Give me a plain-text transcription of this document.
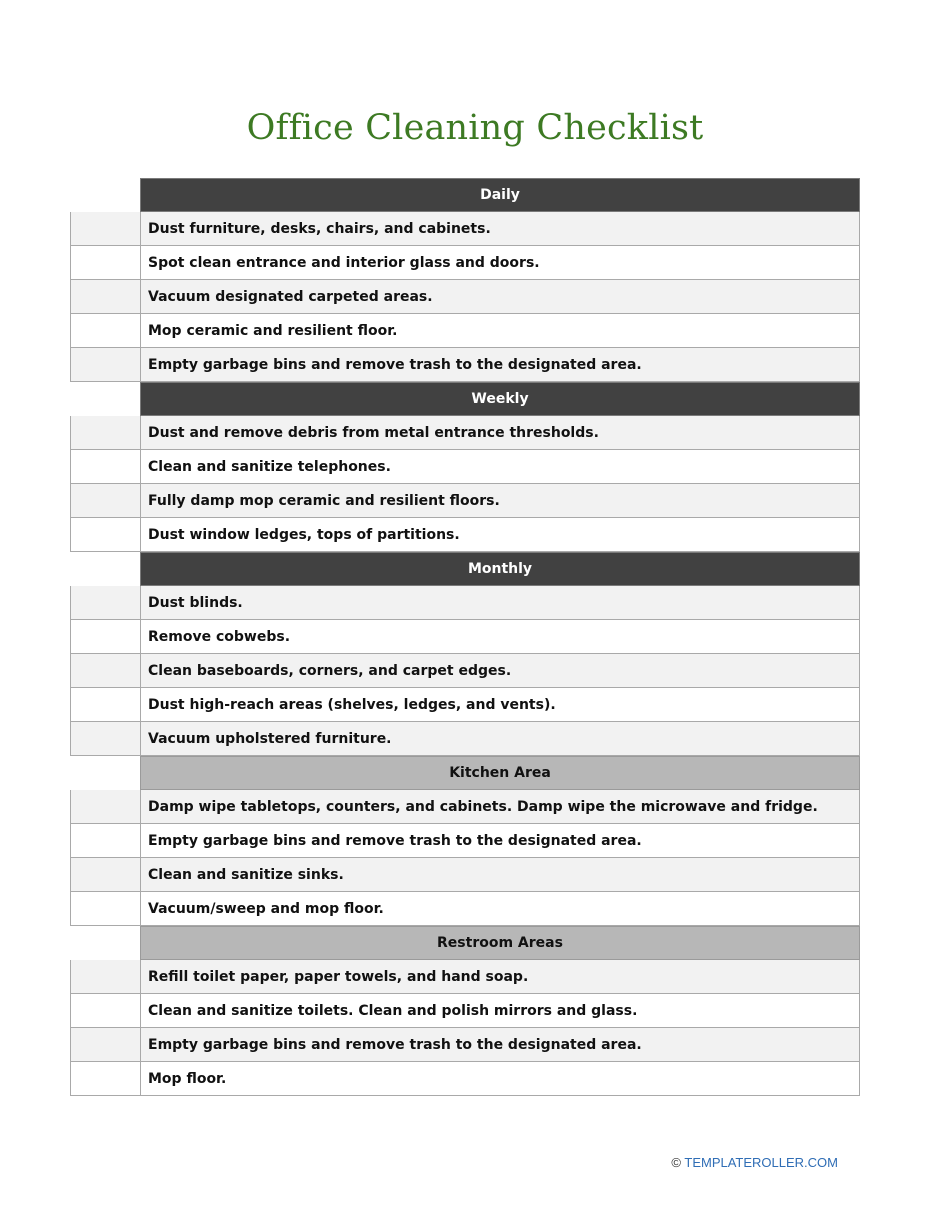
Office Cleaning Checklist
Daily
Dust furniture, desks, chairs, and cabinets.
Spot clean entrance and interior glass and doors.
Vacuum designated carpeted areas.
Mop ceramic and resilient floor.
Empty garbage bins and remove trash to the designated area.
Weekly
Dust and remove debris from metal entrance thresholds.
Clean and sanitize telephones.
Fully damp mop ceramic and resilient floors.
Dust window ledges, tops of partitions.
Monthly
Dust blinds.
Remove cobwebs.
Clean baseboards, corners, and carpet edges.
Dust high-reach areas (shelves, ledges, and vents).
Vacuum upholstered furniture.
Kitchen Area
Damp wipe tabletops, counters, and cabinets. Damp wipe the microwave and fridge.
Empty garbage bins and remove trash to the designated area.
Clean and sanitize sinks.
Vacuum/sweep and mop floor.
Restroom Areas
Refill toilet paper, paper towels, and hand soap.
Clean and sanitize toilets. Clean and polish mirrors and glass.
Empty garbage bins and remove trash to the designated area.
Mop floor.
© TEMPLATEROLLER.COM
